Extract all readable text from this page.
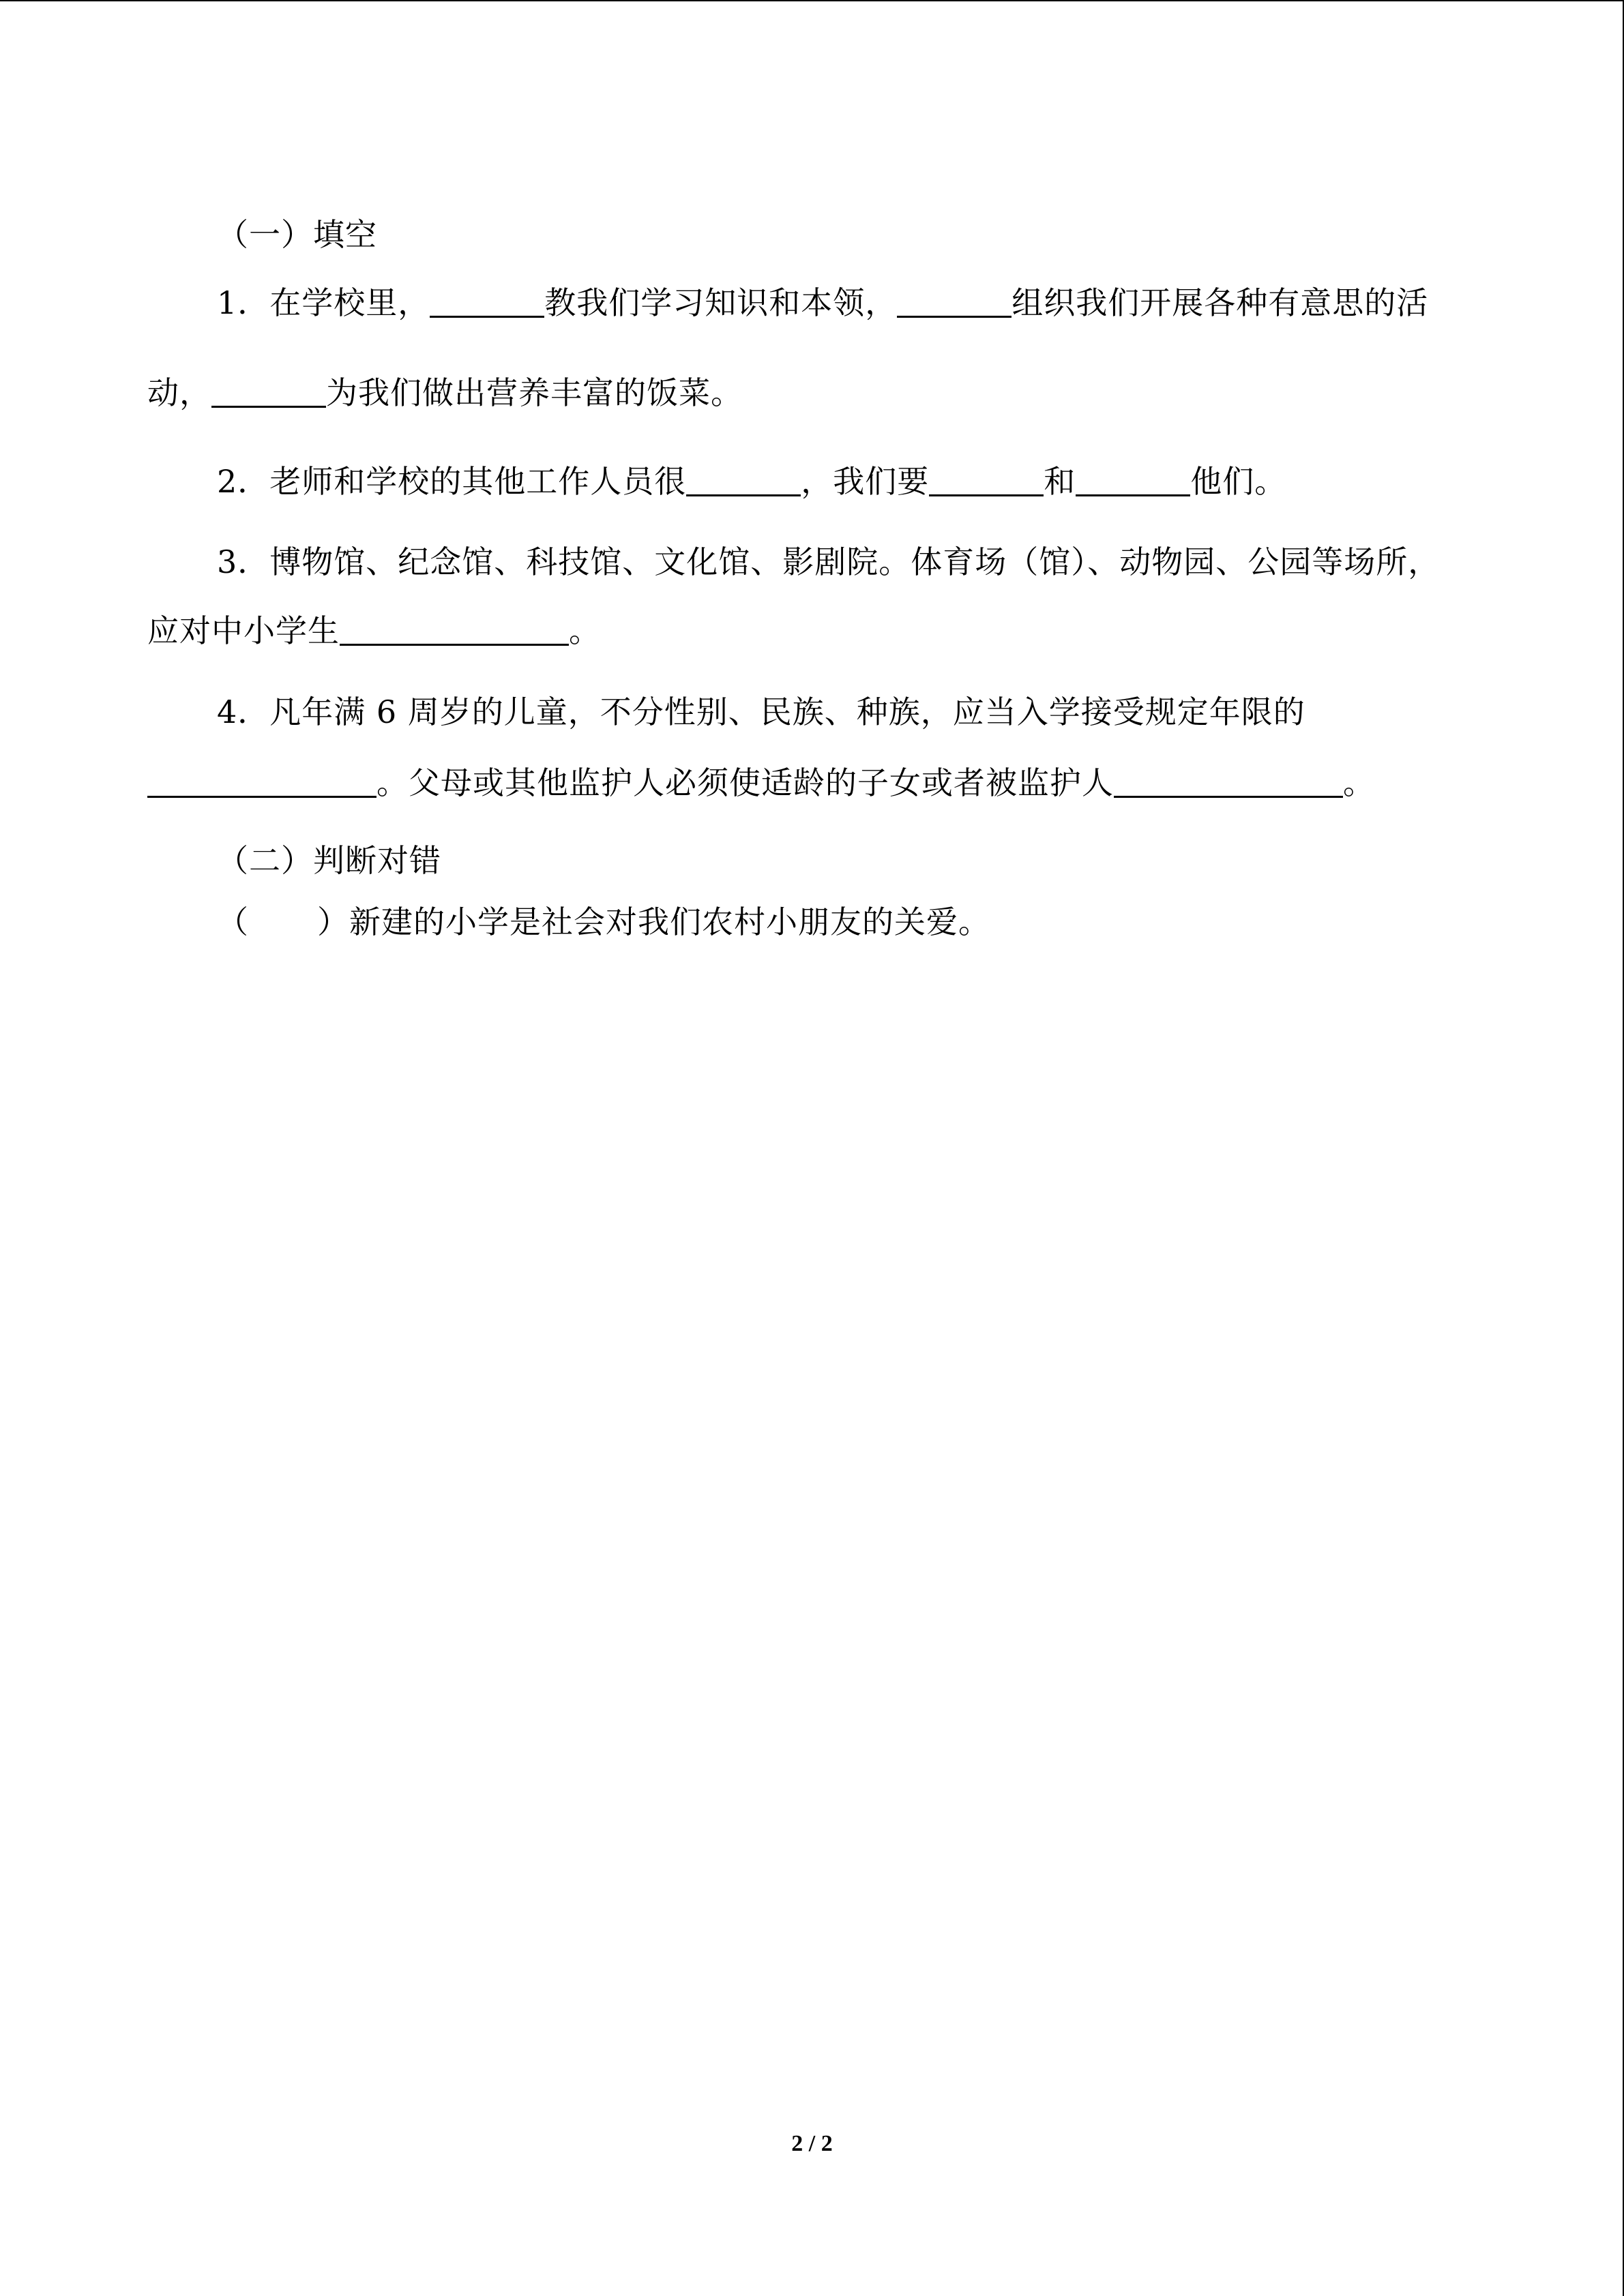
（一）填空
1．在学校里，	教我们学习知识和本领，	组织我们开展各种有意思的活
动，	为我们做出营养丰富的饭菜。
2．老师和学校的其他工作人员很	，我们要	和	他们。
3．博物馆、纪念馆、科技馆、文化馆、影剧院。体育场（馆）、动物园、公园等场所，
应对中小学生	。
4．凡年满 6 周岁的儿童，不分性别、民族、种族，应当入学接受规定年限的
。父母或其他监护人必须使适龄的子女或者被监护人	。
（二）判断对错
（ ）新建的小学是社会对我们农村小朋友的关爱。
2 / 2
